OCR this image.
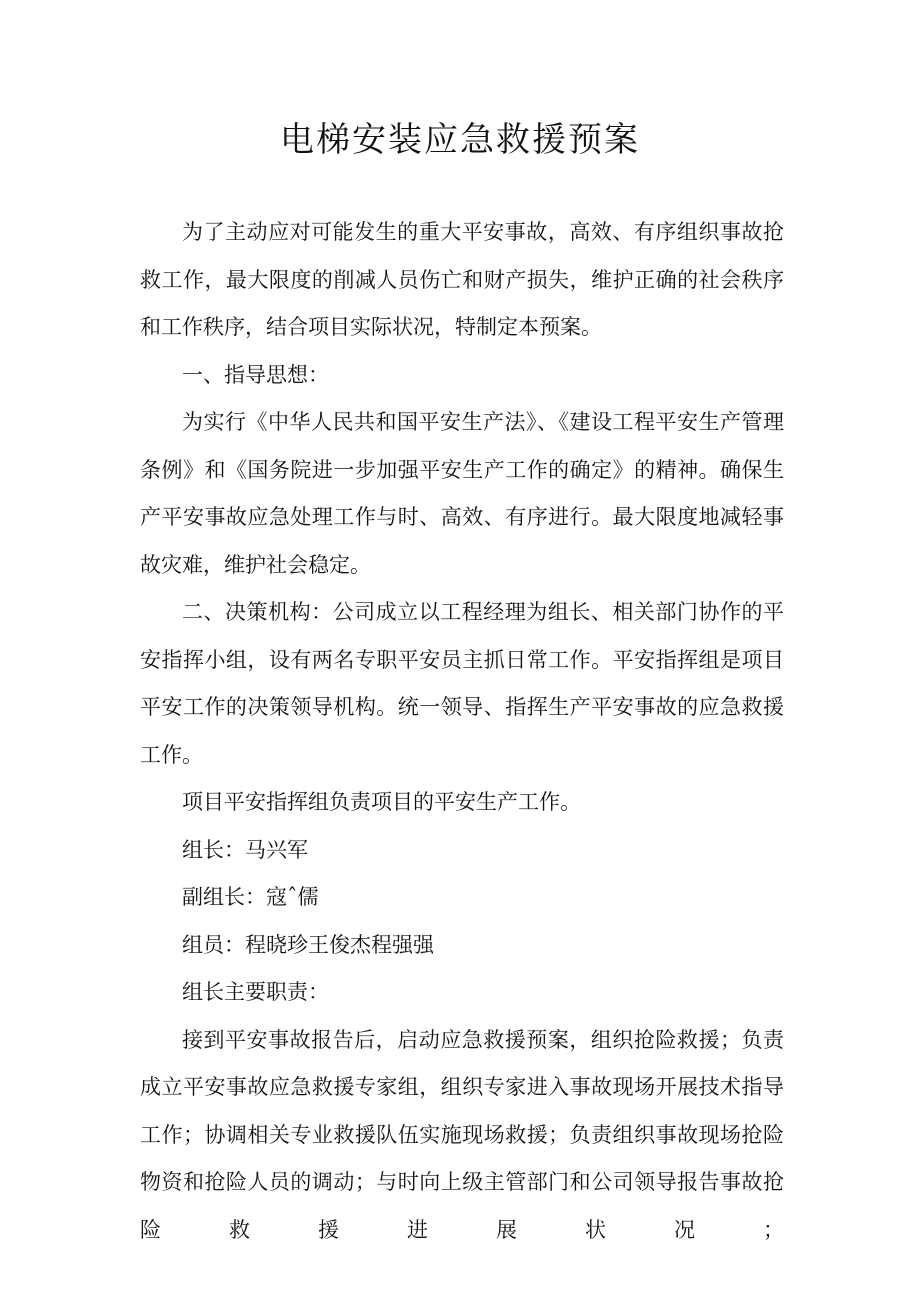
电梯安装应急救援预案

为了主动应对可能发生的重大平安事故，高效、有序组织事故抢救工作，最大限度的削减人员伤亡和财产损失，维护正确的社会秩序和工作秩序，结合项目实际状况，特制定本预案。

一、指导思想：

为实行《中华人民共和国平安生产法》、《建设工程平安生产管理条例》和《国务院进一步加强平安生产工作的确定》的精神。确保生产平安事故应急处理工作与时、高效、有序进行。最大限度地减轻事故灾难，维护社会稳定。

二、决策机构：公司成立以工程经理为组长、相关部门协作的平安指挥小组，设有两名专职平安员主抓日常工作。平安指挥组是项目平安工作的决策领导机构。统一领导、指挥生产平安事故的应急救援工作。

项目平安指挥组负责项目的平安生产工作。

组长：马兴军

副组长：寇ˆ儒

组员：程晓珍王俊杰程强强

组长主要职责：

接到平安事故报告后，启动应急救援预案，组织抢险救援；负责成立平安事故应急救援专家组，组织专家进入事故现场开展技术指导工作；协调相关专业救援队伍实施现场救援；负责组织事故现场抢险物资和抢险人员的调动；与时向上级主管部门和公司领导报告事故抢险救援进展状况；
